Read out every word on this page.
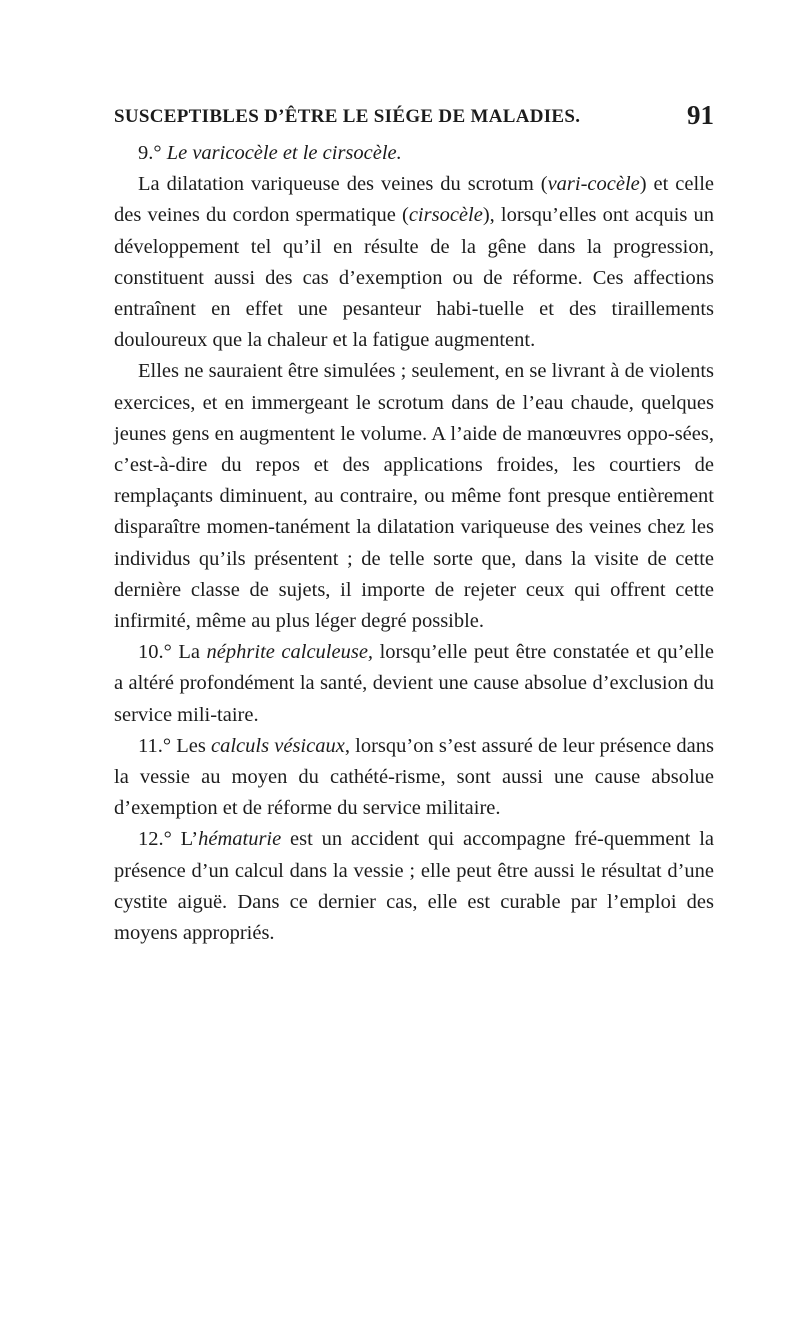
SUSCEPTIBLES D’ÊTRE LE SIÉGE DE MALADIES.	91

9.° Le varicocèle et le cirsocèle.

La dilatation variqueuse des veines du scrotum (vari-cocèle) et celle des veines du cordon spermatique (cirsocèle), lorsqu’elles ont acquis un développement tel qu’il en résulte de la gêne dans la progression, constituent aussi des cas d’exemption ou de réforme. Ces affections entraînent en effet une pesanteur habi-tuelle et des tiraillements douloureux que la chaleur et la fatigue augmentent.

Elles ne sauraient être simulées ; seulement, en se livrant à de violents exercices, et en immergeant le scrotum dans de l’eau chaude, quelques jeunes gens en augmentent le volume. A l’aide de manœuvres oppo-sées, c’est-à-dire du repos et des applications froides, les courtiers de remplaçants diminuent, au contraire, ou même font presque entièrement disparaître momen-tanément la dilatation variqueuse des veines chez les individus qu’ils présentent ; de telle sorte que, dans la visite de cette dernière classe de sujets, il importe de rejeter ceux qui offrent cette infirmité, même au plus léger degré possible.

10.° La néphrite calculeuse, lorsqu’elle peut être constatée et qu’elle a altéré profondément la santé, devient une cause absolue d’exclusion du service mili-taire.

11.° Les calculs vésicaux, lorsqu’on s’est assuré de leur présence dans la vessie au moyen du cathété-risme, sont aussi une cause absolue d’exemption et de réforme du service militaire.

12.° L’hématurie est un accident qui accompagne fré-quemment la présence d’un calcul dans la vessie ; elle peut être aussi le résultat d’une cystite aiguë. Dans ce dernier cas, elle est curable par l’emploi des moyens appropriés.
